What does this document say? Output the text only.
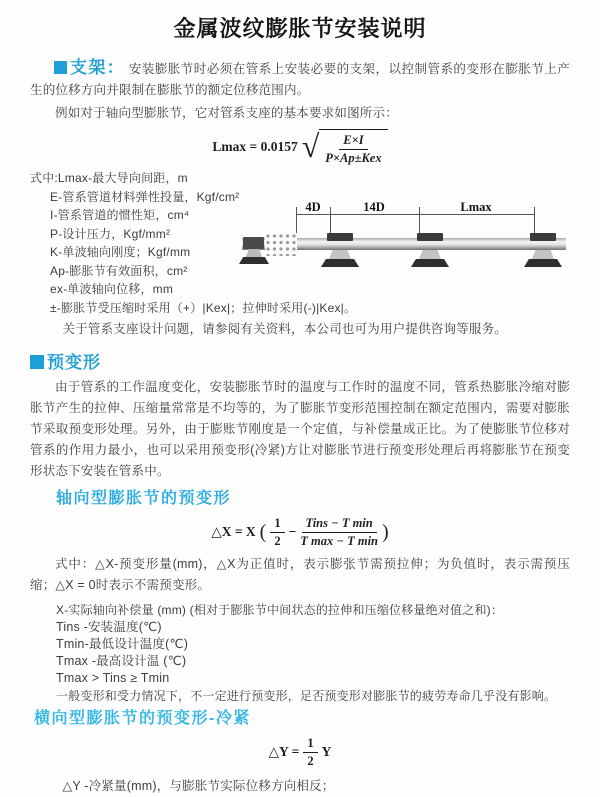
金属波纹膨胀节安装说明

支架： 安装膨胀节时必须在管系上安装必要的支架，以控制管系的变形在膨胀节上产生的位移方向并限制在膨胀节的额定位移范围内。

例如对于轴向型膨胀节，它对管系支座的基本要求如图所示：

Lmax = 0.0157 √ $\frac{E\times I}{\text{P×Ap±Kex}}$
式中:Lmax-最大导向间距，m
E-管系管道材料弹性投量，Kgf/cm²
I-管系管道的惯性矩，cm⁴
P-设计压力，Kgf/mm²
K-单波轴向刚度；Kgf/mm
Ap-膨胀节有效面积，cm²
ex-单波轴向位移，mm
±-膨胀节受压缩时采用（+）|Kex|；拉伸时采用(-)|Kex|。

关于管系支座设计问题，请参阅有关资料，本公司也可为用户提供咨询等服务。

4D	14D	Lmax
预变形

由于管系的工作温度变化，安装膨胀节时的温度与工作时的温度不同，管系热膨胀冷缩对膨胀节产生的拉伸、压缩量常常是不均等的，为了膨胀节变形范围控制在额定范围内，需要对膨胀节采取预变形处理。另外，由于膨账节刚度是一个定值，与补偿量成正比。为了使膨胀节位移对管系的作用力最小，也可以采用预变形(冷紧)方让对膨胀节进行预变形处理后再将膨胀节在预变形状态下安装在管系中。

轴向型膨胀节的预变形
△X = X ( $\frac{1}{2} - \frac{\text{Tins − T min}}{\text{T max − T min}}$ )

式中：△X-预变形量(mm)，△X为正值时，表示膨张节需预拉伸；为负值时，表示需预压缩；△X = 0时表示不需预变形。

X-实际轴向补偿量 (mm) (相对于膨胀节中间状态的拉伸和压缩位移量绝对值之和)：
Tins -安装温度(℃)
Tmin-最低设计温度(℃)
Tmax -最高设计温 (℃)
Tmax > Tins ≥ Tmin
一般变形和受力情况下，不一定进行预变形，足否预变形对膨胀节的疲劳寿命几乎没有影响。
横向型膨胀节的预变形-冷紧
△Y = $\frac{1}{2}$ Y

△Y -冷紧量(mm)，与膨胀节实际位移方向相反；
